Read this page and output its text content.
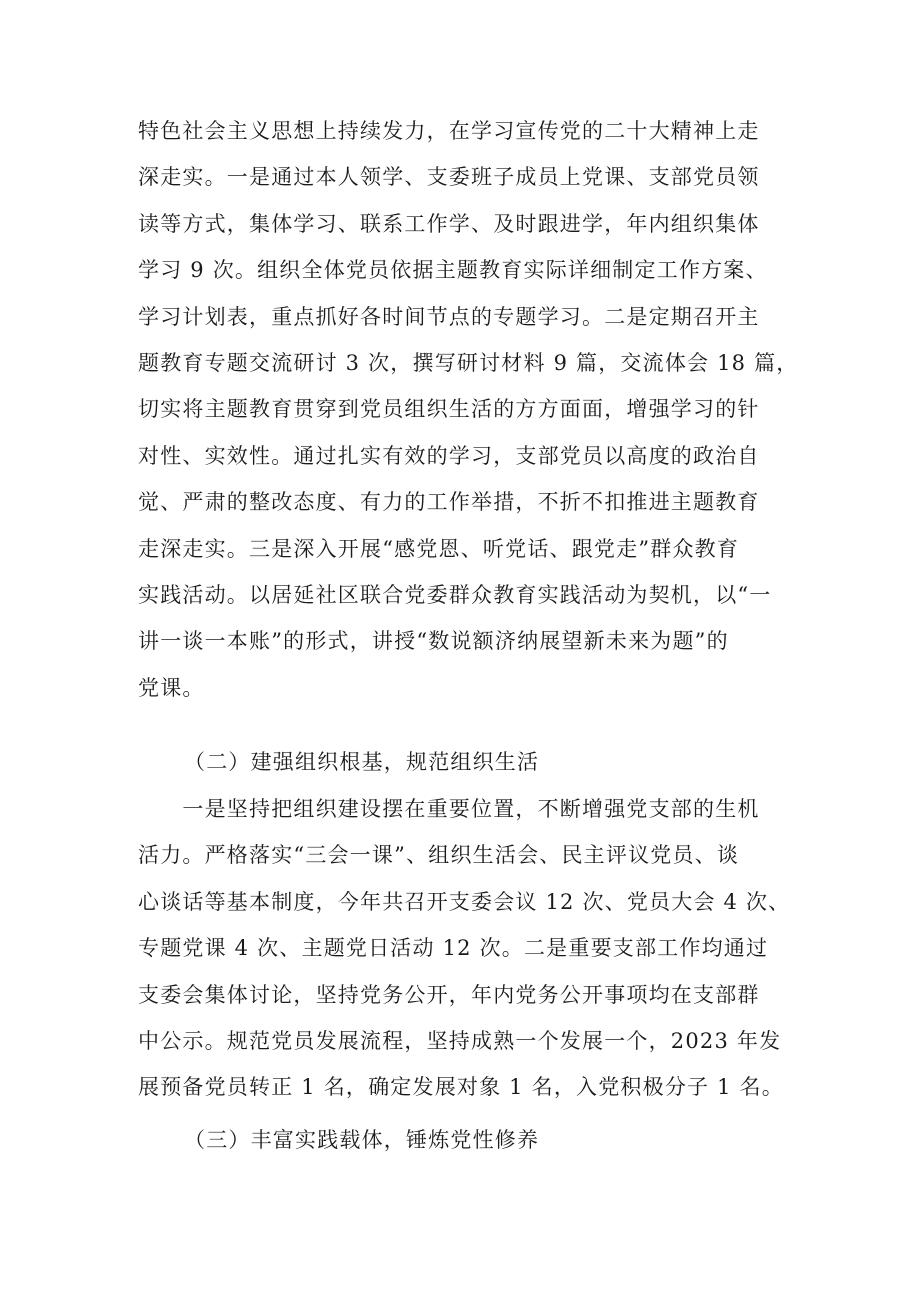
特色社会主义思想上持续发力，在学习宣传党的二十大精神上走
深走实。一是通过本人领学、支委班子成员上党课、支部党员领
读等方式，集体学习、联系工作学、及时跟进学，年内组织集体
学习 9 次。组织全体党员依据主题教育实际详细制定工作方案、
学习计划表，重点抓好各时间节点的专题学习。二是定期召开主
题教育专题交流研讨 3 次，撰写研讨材料 9 篇，交流体会 18 篇，
切实将主题教育贯穿到党员组织生活的方方面面，增强学习的针
对性、实效性。通过扎实有效的学习，支部党员以高度的政治自
觉、严肃的整改态度、有力的工作举措，不折不扣推进主题教育
走深走实。三是深入开展“感党恩、听党话、跟党走”群众教育
实践活动。以居延社区联合党委群众教育实践活动为契机，以“一
讲一谈一本账”的形式，讲授“数说额济纳展望新未来为题”的
党课。
（二）建强组织根基，规范组织生活
　　一是坚持把组织建设摆在重要位置，不断增强党支部的生机
活力。严格落实“三会一课”、组织生活会、民主评议党员、谈
心谈话等基本制度，今年共召开支委会议 12 次、党员大会 4 次、
专题党课 4 次、主题党日活动 12 次。二是重要支部工作均通过
支委会集体讨论，坚持党务公开，年内党务公开事项均在支部群
中公示。规范党员发展流程，坚持成熟一个发展一个，2023 年发
展预备党员转正 1 名，确定发展对象 1 名，入党积极分子 1 名。
（三）丰富实践载体，锤炼党性修养
